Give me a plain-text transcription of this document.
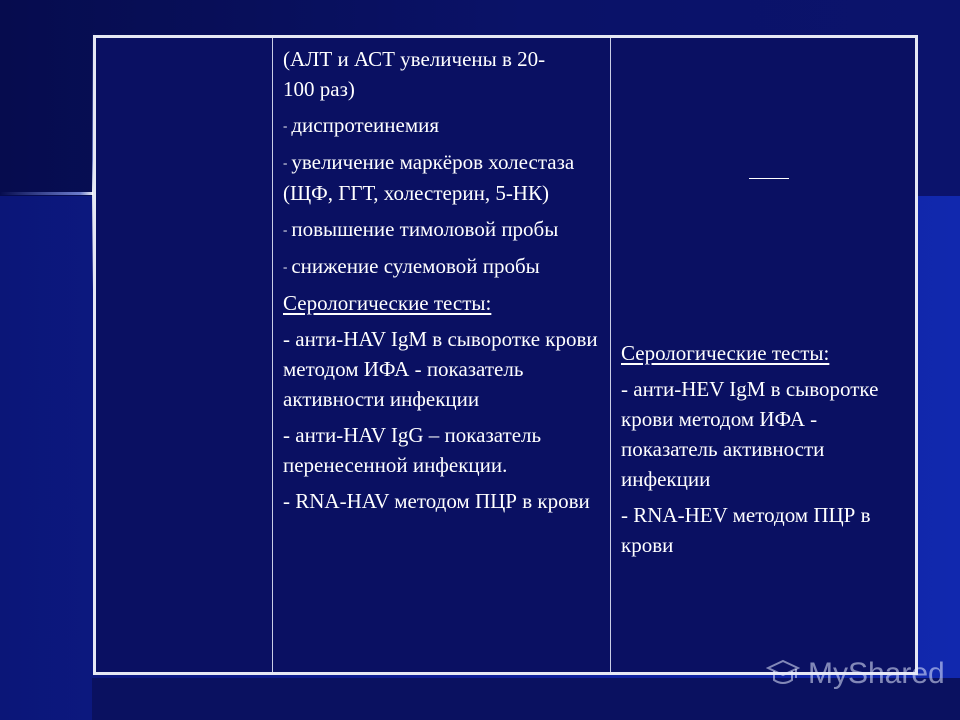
(АЛТ и АСТ увеличены в 20-

100 раз)

- диспротеинемия

- увеличение маркёров холестаза (ЩФ, ГГТ, холестерин, 5-НК)

- повышение тимоловой пробы

- снижение сулемовой пробы

Серологические тесты:

- анти-HAV IgM в сыворотке крови методом ИФА - показатель активности инфекции

- анти-HAV IgG – показатель перенесенной инфекции.

- RNA-HAV методом ПЦР в крови

Серологические тесты:

- анти-HEV IgM в сыворотке крови методом ИФА - показатель активности инфекции

- RNA-HEV методом ПЦР в крови

MyShared
